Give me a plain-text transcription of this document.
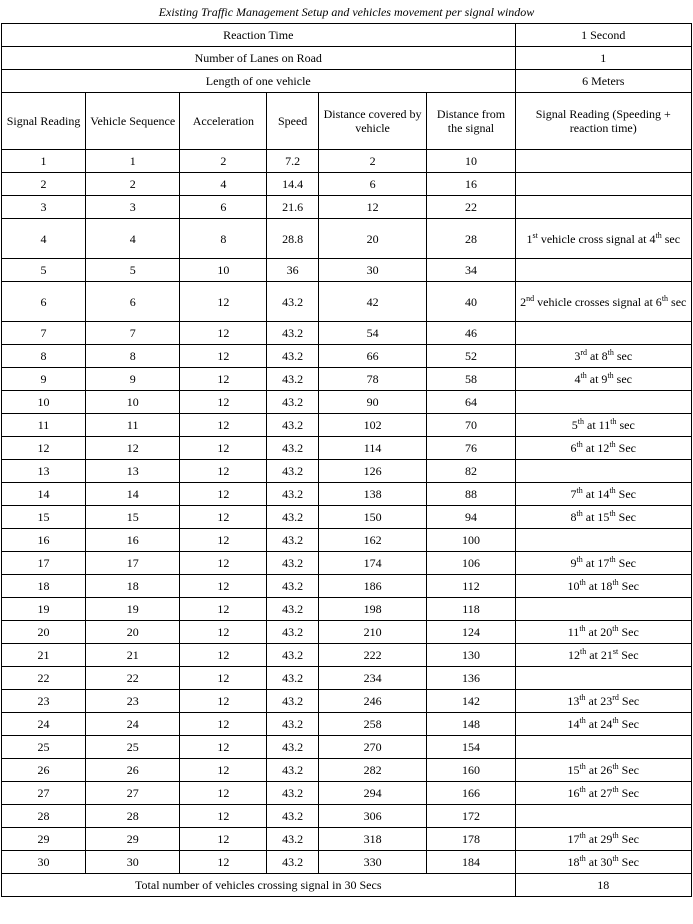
Existing Traffic Management Setup and vehicles movement per signal window						
Reaction Time						1 Second
Number of Lanes on Road						1
Length of one vehicle						6 Meters
Signal Reading	Vehicle Sequence	Acceleration	Speed	Distance covered by vehicle	Distance from the signal	Signal Reading (Speeding + reaction time)
1	1	2	7.2	2	10	
2	2	4	14.4	6	16	
3	3	6	21.6	12	22	
4	4	8	28.8	20	28	1st vehicle cross signal at 4th sec
5	5	10	36	30	34	
6	6	12	43.2	42	40	2nd vehicle crosses signal at 6th sec
7	7	12	43.2	54	46	
8	8	12	43.2	66	52	3rd at 8th sec
9	9	12	43.2	78	58	4th at 9th sec
10	10	12	43.2	90	64	
11	11	12	43.2	102	70	5th at 11th sec
12	12	12	43.2	114	76	6th at 12th Sec
13	13	12	43.2	126	82	
14	14	12	43.2	138	88	7th at 14th Sec
15	15	12	43.2	150	94	8th at 15th Sec
16	16	12	43.2	162	100	
17	17	12	43.2	174	106	9th at 17th Sec
18	18	12	43.2	186	112	10th at 18th Sec
19	19	12	43.2	198	118	
20	20	12	43.2	210	124	11th at 20th Sec
21	21	12	43.2	222	130	12th at 21st Sec
22	22	12	43.2	234	136	
23	23	12	43.2	246	142	13th at 23rd Sec
24	24	12	43.2	258	148	14th at 24th Sec
25	25	12	43.2	270	154	
26	26	12	43.2	282	160	15th at 26th Sec
27	27	12	43.2	294	166	16th at 27th Sec
28	28	12	43.2	306	172	
29	29	12	43.2	318	178	17th at 29th Sec
30	30	12	43.2	330	184	18th at 30th Sec
Total number of vehicles crossing signal in 30 Secs						18
